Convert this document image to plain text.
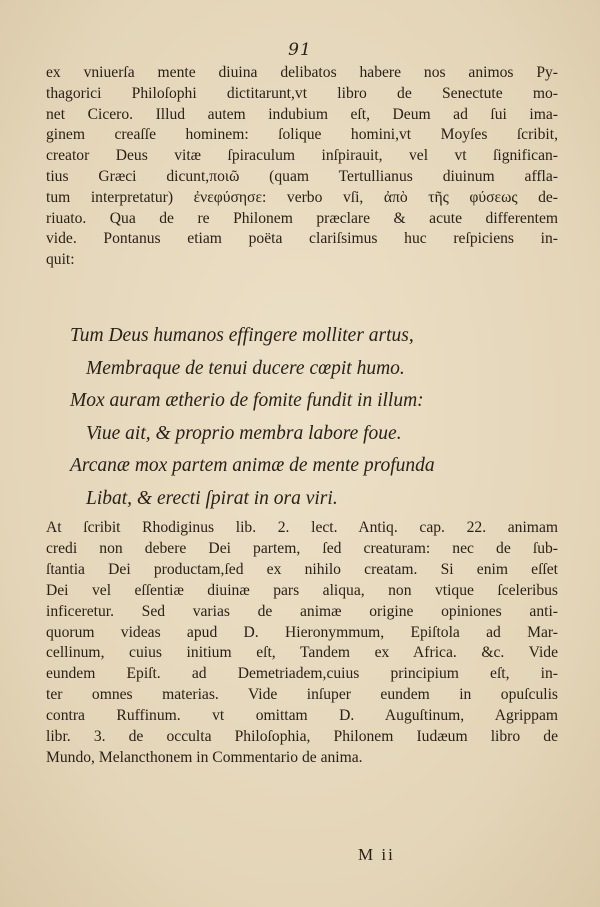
91
ex vniuerſa mente diuina delibatos habere nos animos Py-
thagorici Philoſophi dictitarunt,vt libro de Senectute mo-
net Cicero. Illud autem indubium eſt, Deum ad ſui ima-
ginem creaſſe hominem: ſolique homini,vt Moyſes ſcribit,
creator Deus vitæ ſpiraculum inſpirauit, vel vt ſignifican-
tius Græci dicunt,ποιῶ (quam Tertullianus diuinum affla-
tum interpretatur) ἐνεφύσησε: verbo vſi, ἀπὸ τῆς φύσεως de-
riuato. Qua de re Philonem præclare & acute differentem
vide. Pontanus etiam poëta clariſsimus huc reſpiciens in-
quit:
Tum Deus humanos effingere molliter artus,
Membraque de tenui ducere cœpit humo.
Mox auram ætherio de fomite fundit in illum:
Viue ait, & proprio membra labore foue.
Arcanæ mox partem animæ de mente profunda
Libat, & erecti ſpirat in ora viri.
At ſcribit Rhodiginus lib. 2. lect. Antiq. cap. 22. animam
credi non debere Dei partem, ſed creaturam: nec de ſub-
ſtantia Dei productam,ſed ex nihilo creatam. Si enim eſſet
Dei vel eſſentiæ diuinæ pars aliqua, non vtique ſceleribus
inficeretur. Sed varias de animæ origine opiniones anti-
quorum videas apud D. Hieronymmum, Epiſtola ad Mar-
cellinum, cuius initium eſt, Tandem ex Africa. &c. Vide
eundem Epiſt. ad Demetriadem,cuius principium eſt, in-
ter omnes materias. Vide inſuper eundem in opuſculis
contra Ruffinum. vt omittam D. Auguſtinum, Agrippam
libr. 3. de occulta Philoſophia, Philonem Iudæum libro de
Mundo, Melancthonem in Commentario de anima.
M ii
